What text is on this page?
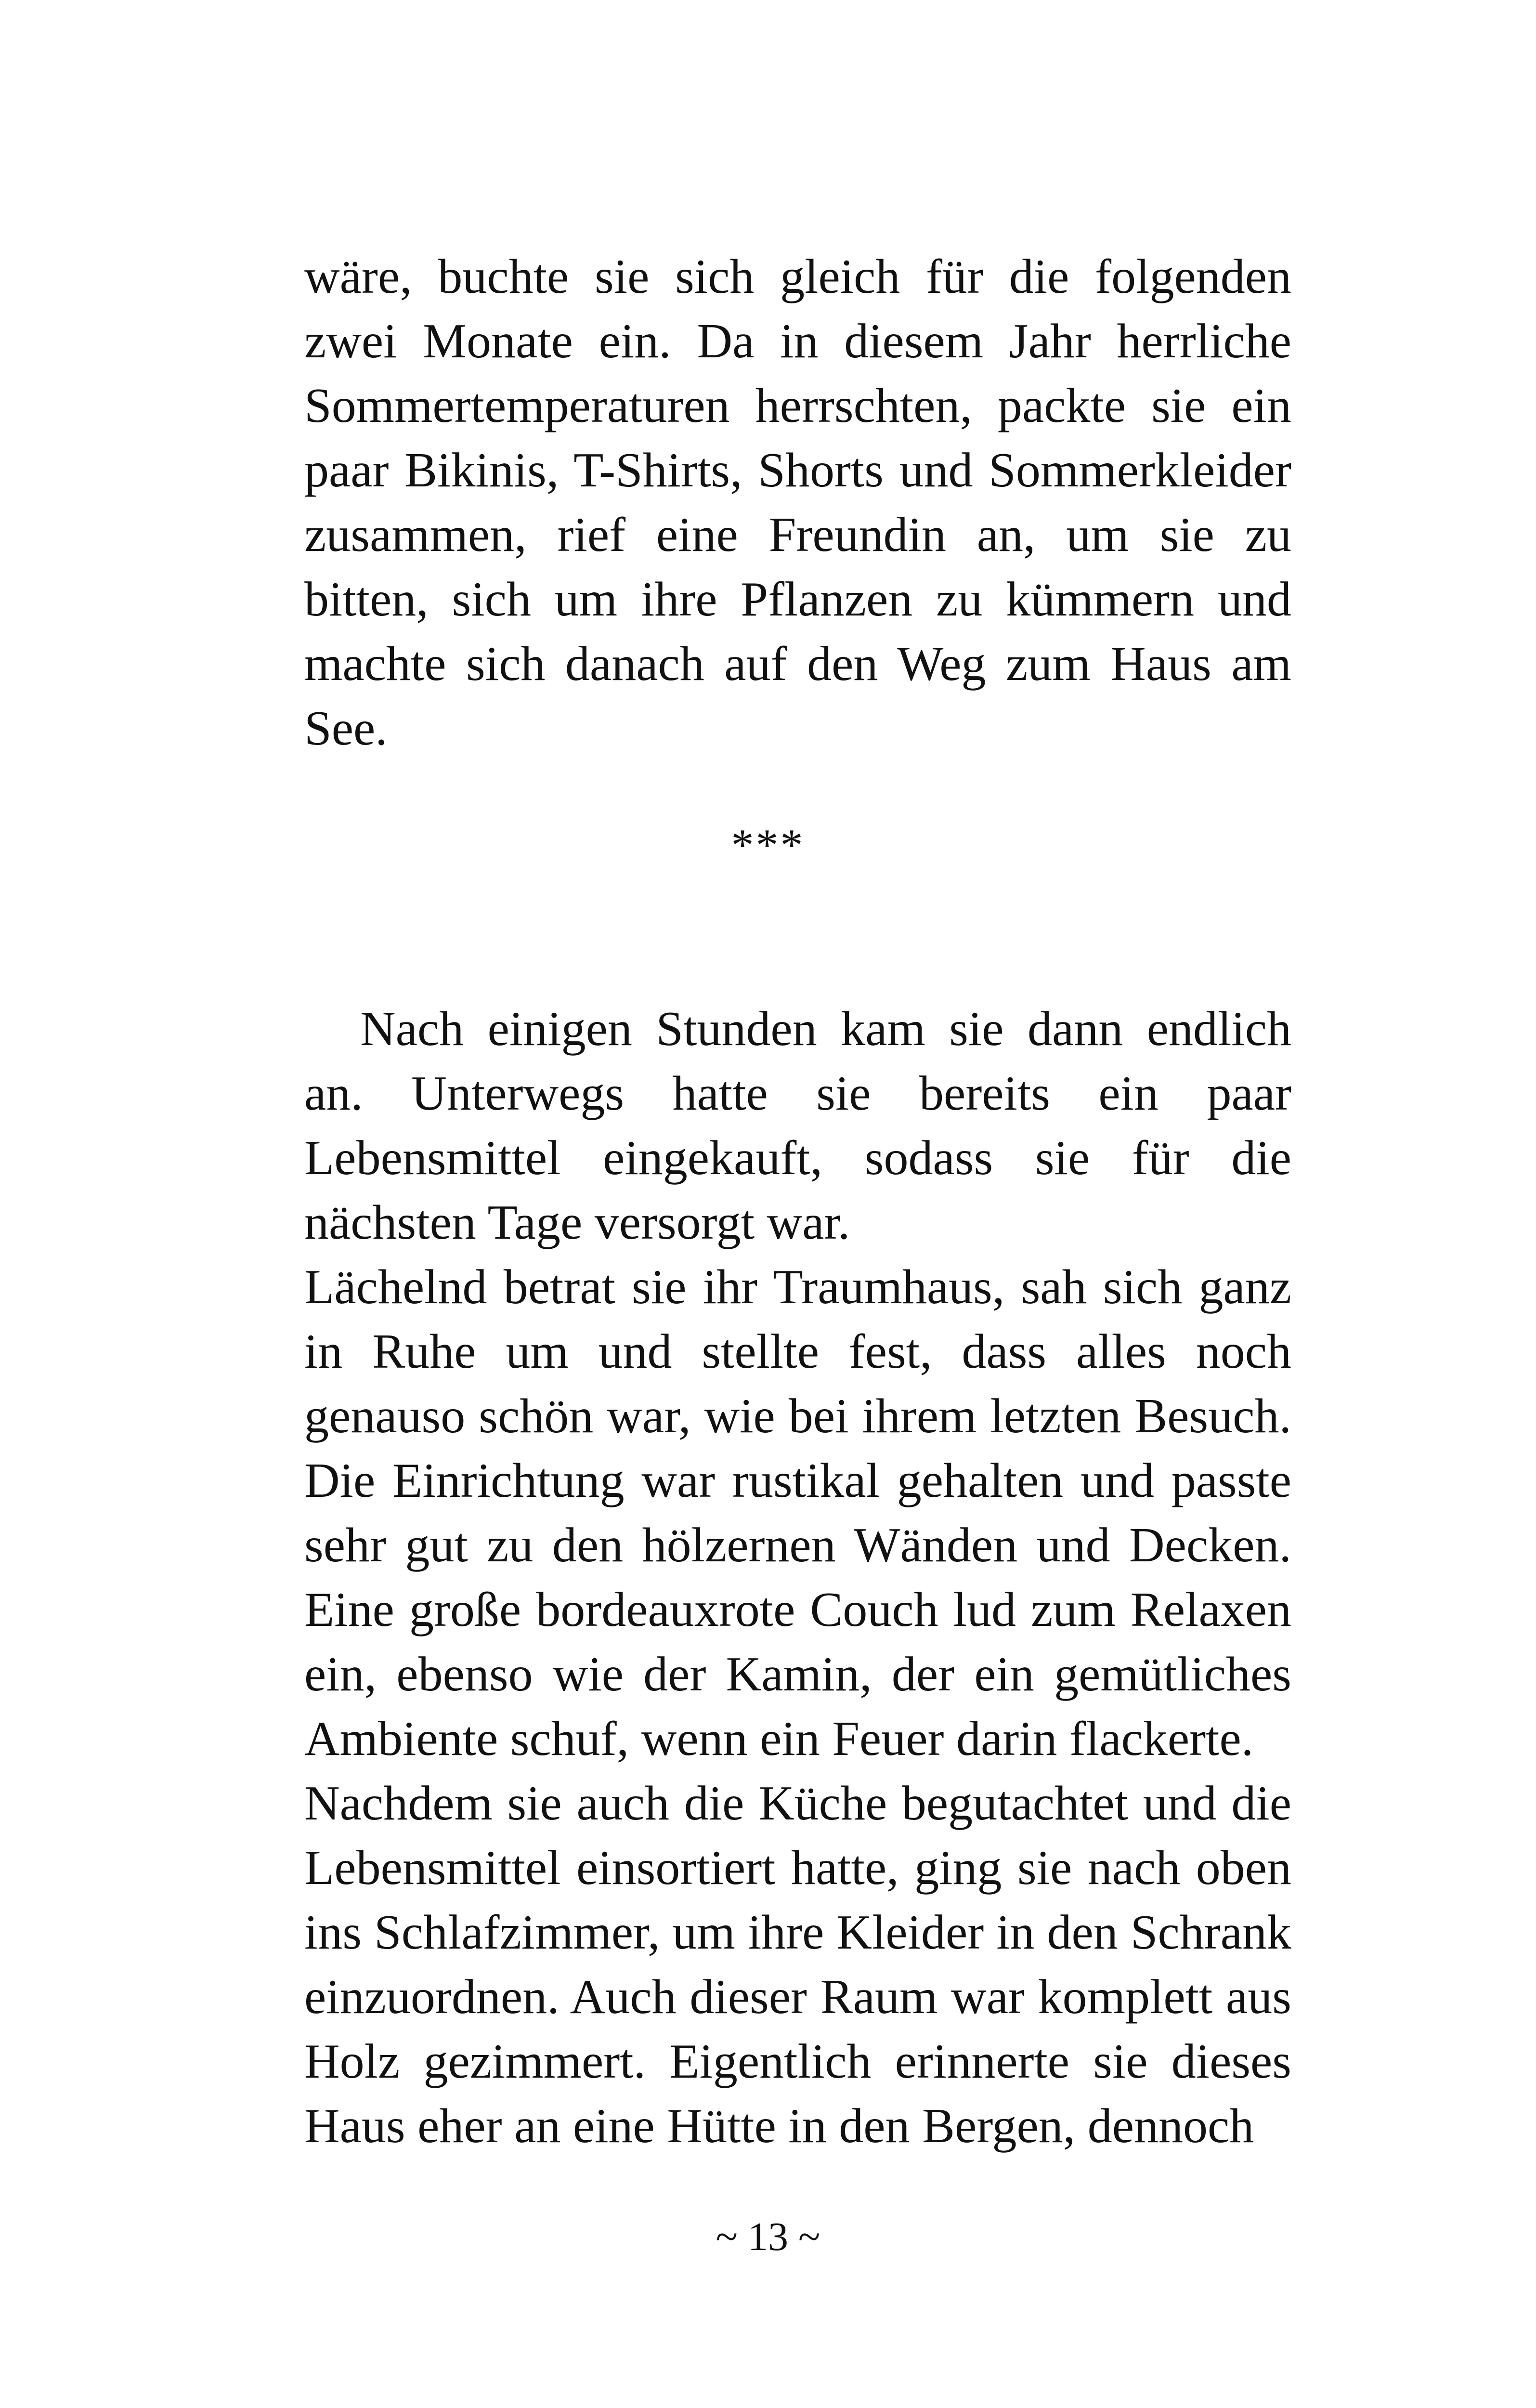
wäre, buchte sie sich gleich für die folgenden zwei Monate ein. Da in diesem Jahr herrliche Sommertemperaturen herrschten, packte sie ein paar Bikinis, T-Shirts, Shorts und Sommerkleider zusammen, rief eine Freundin an, um sie zu bitten, sich um ihre Pflanzen zu kümmern und machte sich danach auf den Weg zum Haus am See.

***

Nach einigen Stunden kam sie dann endlich an. Unterwegs hatte sie bereits ein paar Lebensmittel eingekauft, sodass sie für die nächsten Tage versorgt war.

Lächelnd betrat sie ihr Traumhaus, sah sich ganz in Ruhe um und stellte fest, dass alles noch genauso schön war, wie bei ihrem letzten Besuch. Die Einrichtung war rustikal gehalten und passte sehr gut zu den hölzernen Wänden und Decken. Eine große bordeauxrote Couch lud zum Relaxen ein, ebenso wie der Kamin, der ein gemütliches Ambiente schuf, wenn ein Feuer darin flackerte.

Nachdem sie auch die Küche begutachtet und die Lebensmittel einsortiert hatte, ging sie nach oben ins Schlafzimmer, um ihre Kleider in den Schrank einzuordnen. Auch dieser Raum war komplett aus Holz gezimmert. Eigentlich erinnerte sie dieses Haus eher an eine Hütte in den Bergen, dennoch

~ 13 ~
